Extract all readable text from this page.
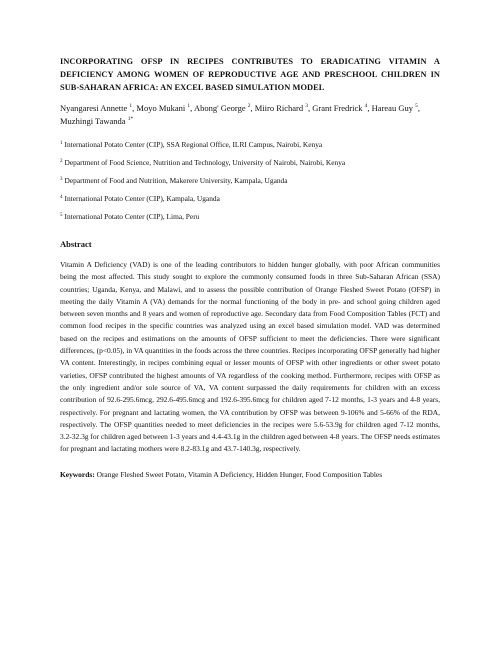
INCORPORATING OFSP IN RECIPES CONTRIBUTES TO ERADICATING VITAMIN A DEFICIENCY AMONG WOMEN OF REPRODUCTIVE AGE AND PRESCHOOL CHILDREN IN SUB-SAHARAN AFRICA: AN EXCEL BASED SIMULATION MODEL
Nyangaresi Annette $^1$, Moyo Mukani $^1$, Abong' George $^2$, Miiro Richard $^3$, Grant Fredrick $^4$, Hareau Guy $^5$, Muzhingi Tawanda $^{1*}$
$^1$ International Potato Center (CIP), SSA Regional Office, ILRI Campus, Nairobi, Kenya
$^2$ Department of Food Science, Nutrition and Technology, University of Nairobi, Nairobi, Kenya
$^3$ Department of Food and Nutrition, Makerere University, Kampala, Uganda
$^4$ International Potato Center (CIP), Kampala, Uganda
$^5$ International Potato Center (CIP), Lima, Peru
Abstract

Vitamin A Deficiency (VAD) is one of the leading contributors to hidden hunger globally, with poor African communities being the most affected. This study sought to explore the commonly consumed foods in three Sub-Saharan African (SSA) countries; Uganda, Kenya, and Malawi, and to assess the possible contribution of Orange Fleshed Sweet Potato (OFSP) in meeting the daily Vitamin A (VA) demands for the normal functioning of the body in pre- and school going children aged between seven months and 8 years and women of reproductive age. Secondary data from Food Composition Tables (FCT) and common food recipes in the specific countries was analyzed using an excel based simulation model. VAD was determined based on the recipes and estimations on the amounts of OFSP sufficient to meet the deficiencies. There were significant differences, (p<0.05), in VA quantities in the foods across the three countries. Recipes incorporating OFSP generally had higher VA content. Interestingly, in recipes combining equal or lesser mounts of OFSP with other ingredients or other sweet potato varieties, OFSP contributed the highest amounts of VA regardless of the cooking method. Furthermore, recipes with OFSP as the only ingredient and/or sole source of VA, VA content surpassed the daily requirements for children with an excess contribution of 92.6-295.6mcg, 292.6-495.6mcg and 192.6-395.6mcg for children aged 7-12 months, 1-3 years and 4-8 years, respectively. For pregnant and lactating women, the VA contribution by OFSP was between 9-106% and 5-66% of the RDA, respectively. The OFSP quantities needed to meet deficiencies in the recipes were 5.6-53.9g for children aged 7-12 months, 3.2-32.3g for children aged between 1-3 years and 4.4-43.1g in the children aged between 4-8 years. The OFSP needs estimates for pregnant and lactating mothers were 8.2-83.1g and 43.7-140.3g, respectively.

Keywords: Orange Fleshed Sweet Potato, Vitamin A Deficiency, Hidden Hunger, Food Composition Tables
